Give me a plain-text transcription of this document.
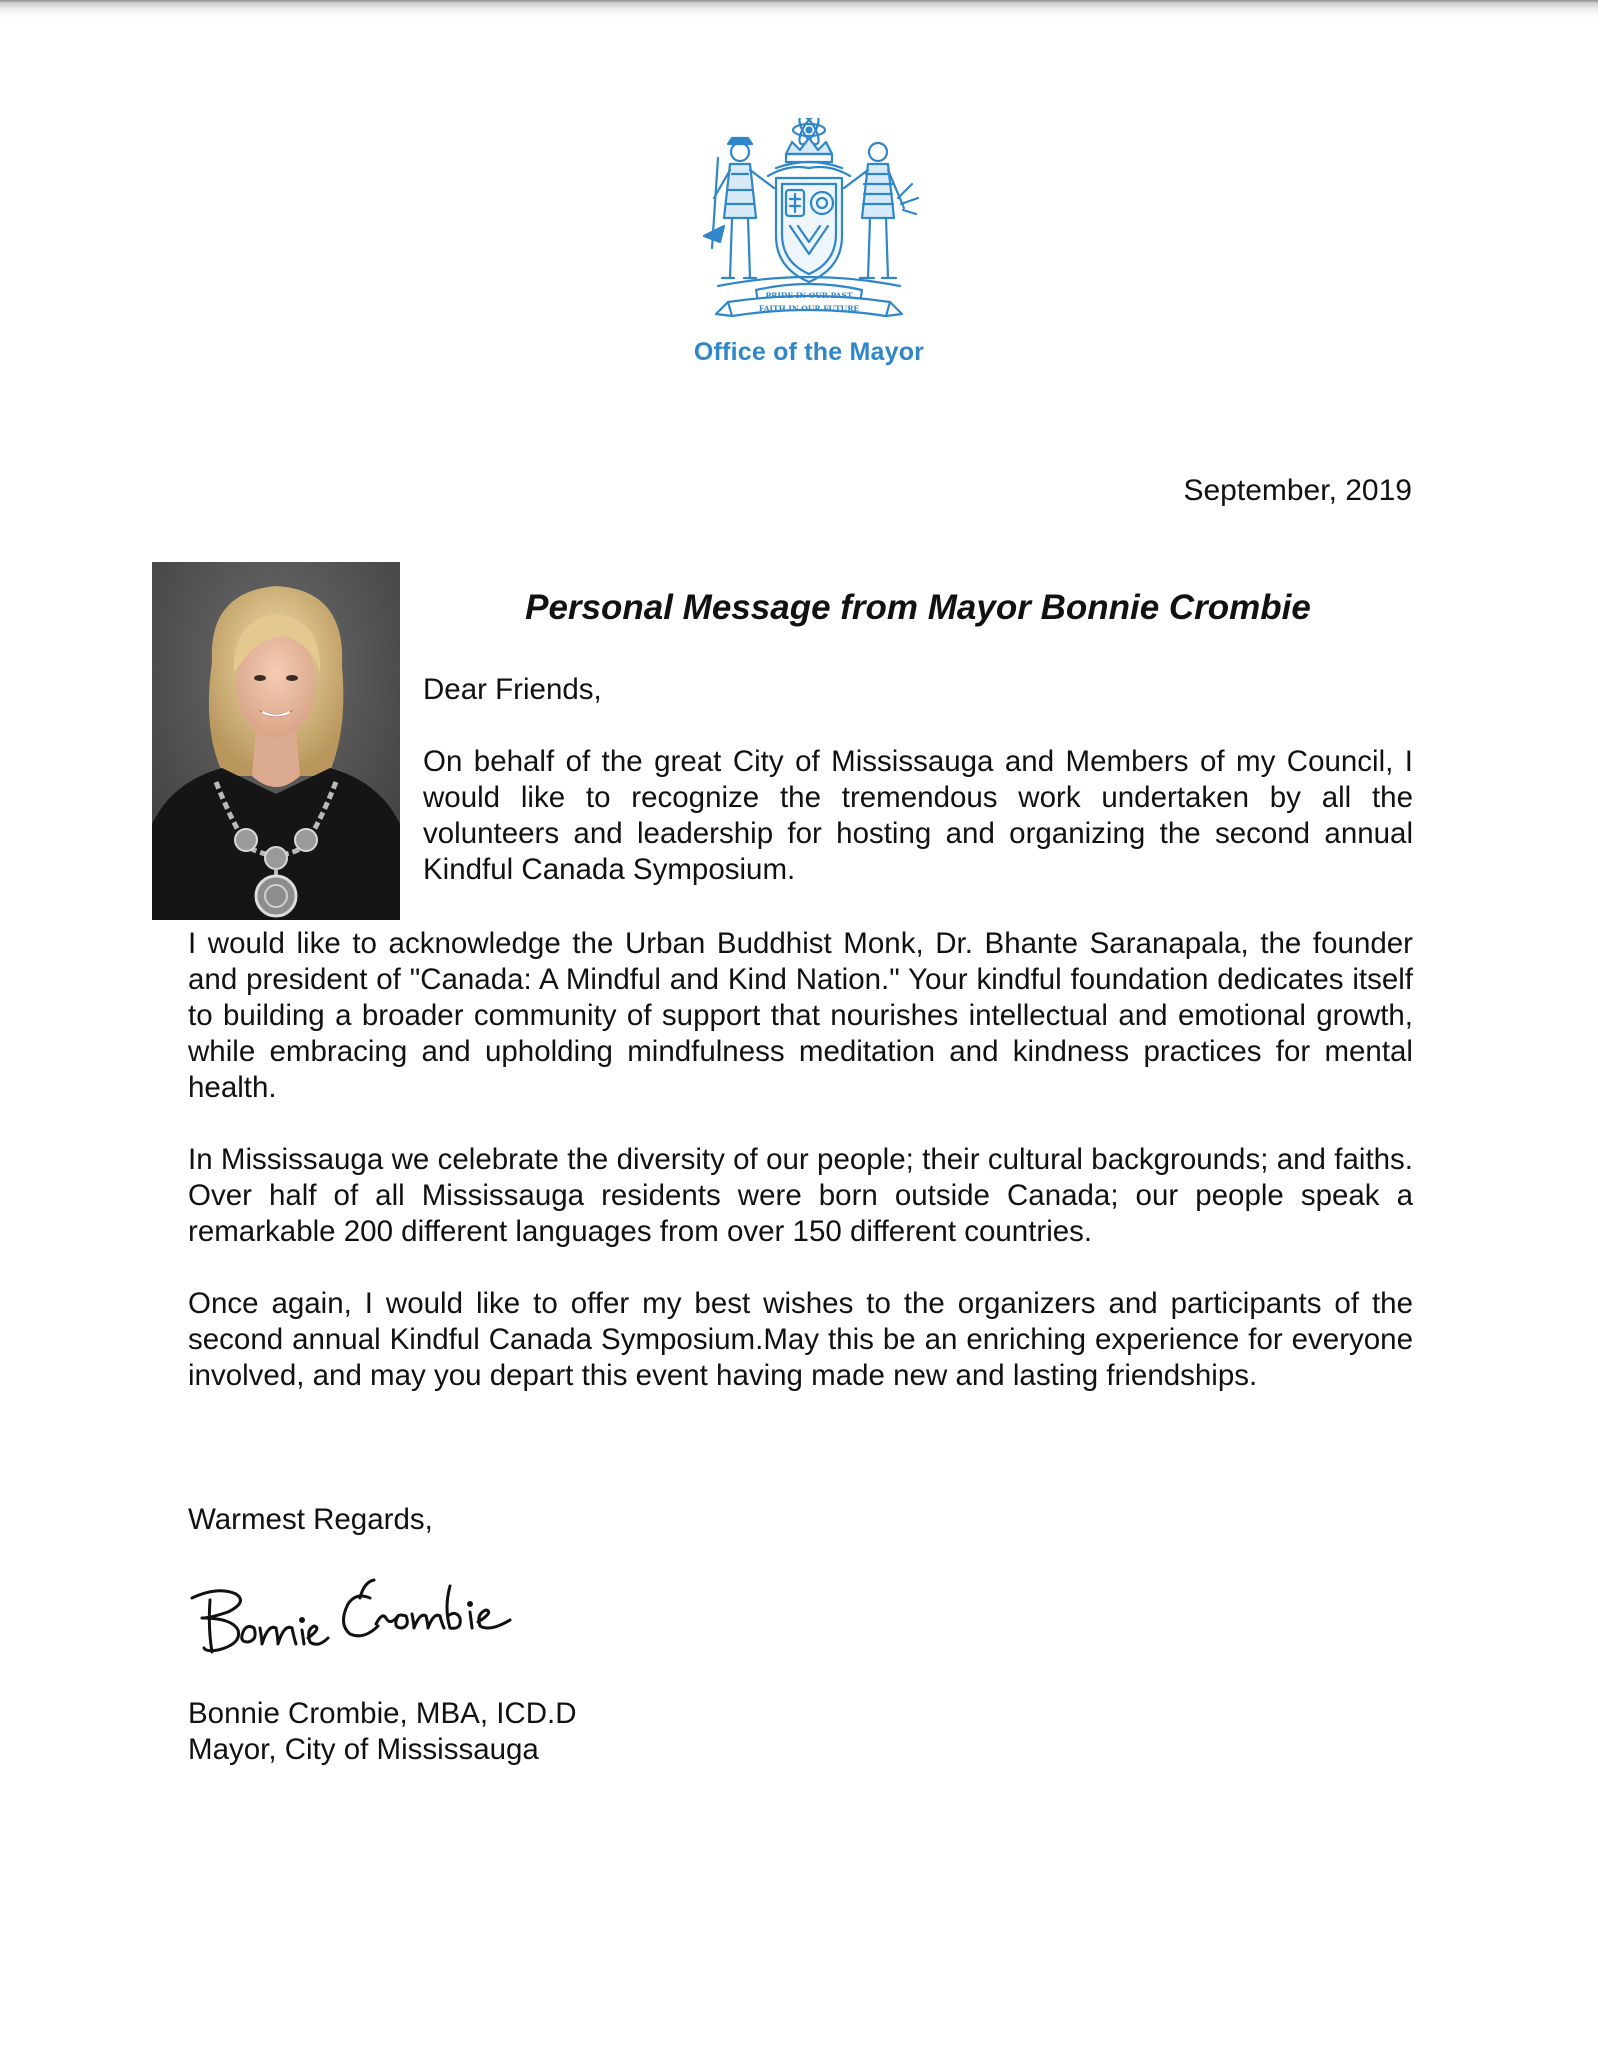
PRIDE IN OUR PAST
FAITH IN OUR FUTURE
Office of the Mayor
September, 2019
Personal Message from Mayor Bonnie Crombie

Dear Friends,

On behalf of the great City of Mississauga and Members of my Council, I would like to recognize the tremendous work undertaken by all the volunteers and leadership for hosting and organizing the second annual Kindful Canada Symposium.

I would like to acknowledge the Urban Buddhist Monk, Dr. Bhante Saranapala, the founder and president of "Canada: A Mindful and Kind Nation." Your kindful foundation dedicates itself to building a broader community of support that nourishes intellectual and emotional growth, while embracing and upholding mindfulness meditation and kindness practices for mental health.

In Mississauga we celebrate the diversity of our people; their cultural backgrounds; and faiths. Over half of all Mississauga residents were born outside Canada; our people speak a remarkable 200 different languages from over 150 different countries.

Once again, I would like to offer my best wishes to the organizers and participants of the second annual Kindful Canada Symposium.May this be an enriching experience for everyone involved, and may you depart this event having made new and lasting friendships.

Warmest Regards,

Bonnie Crombie, MBA, ICD.D

Mayor, City of Mississauga
